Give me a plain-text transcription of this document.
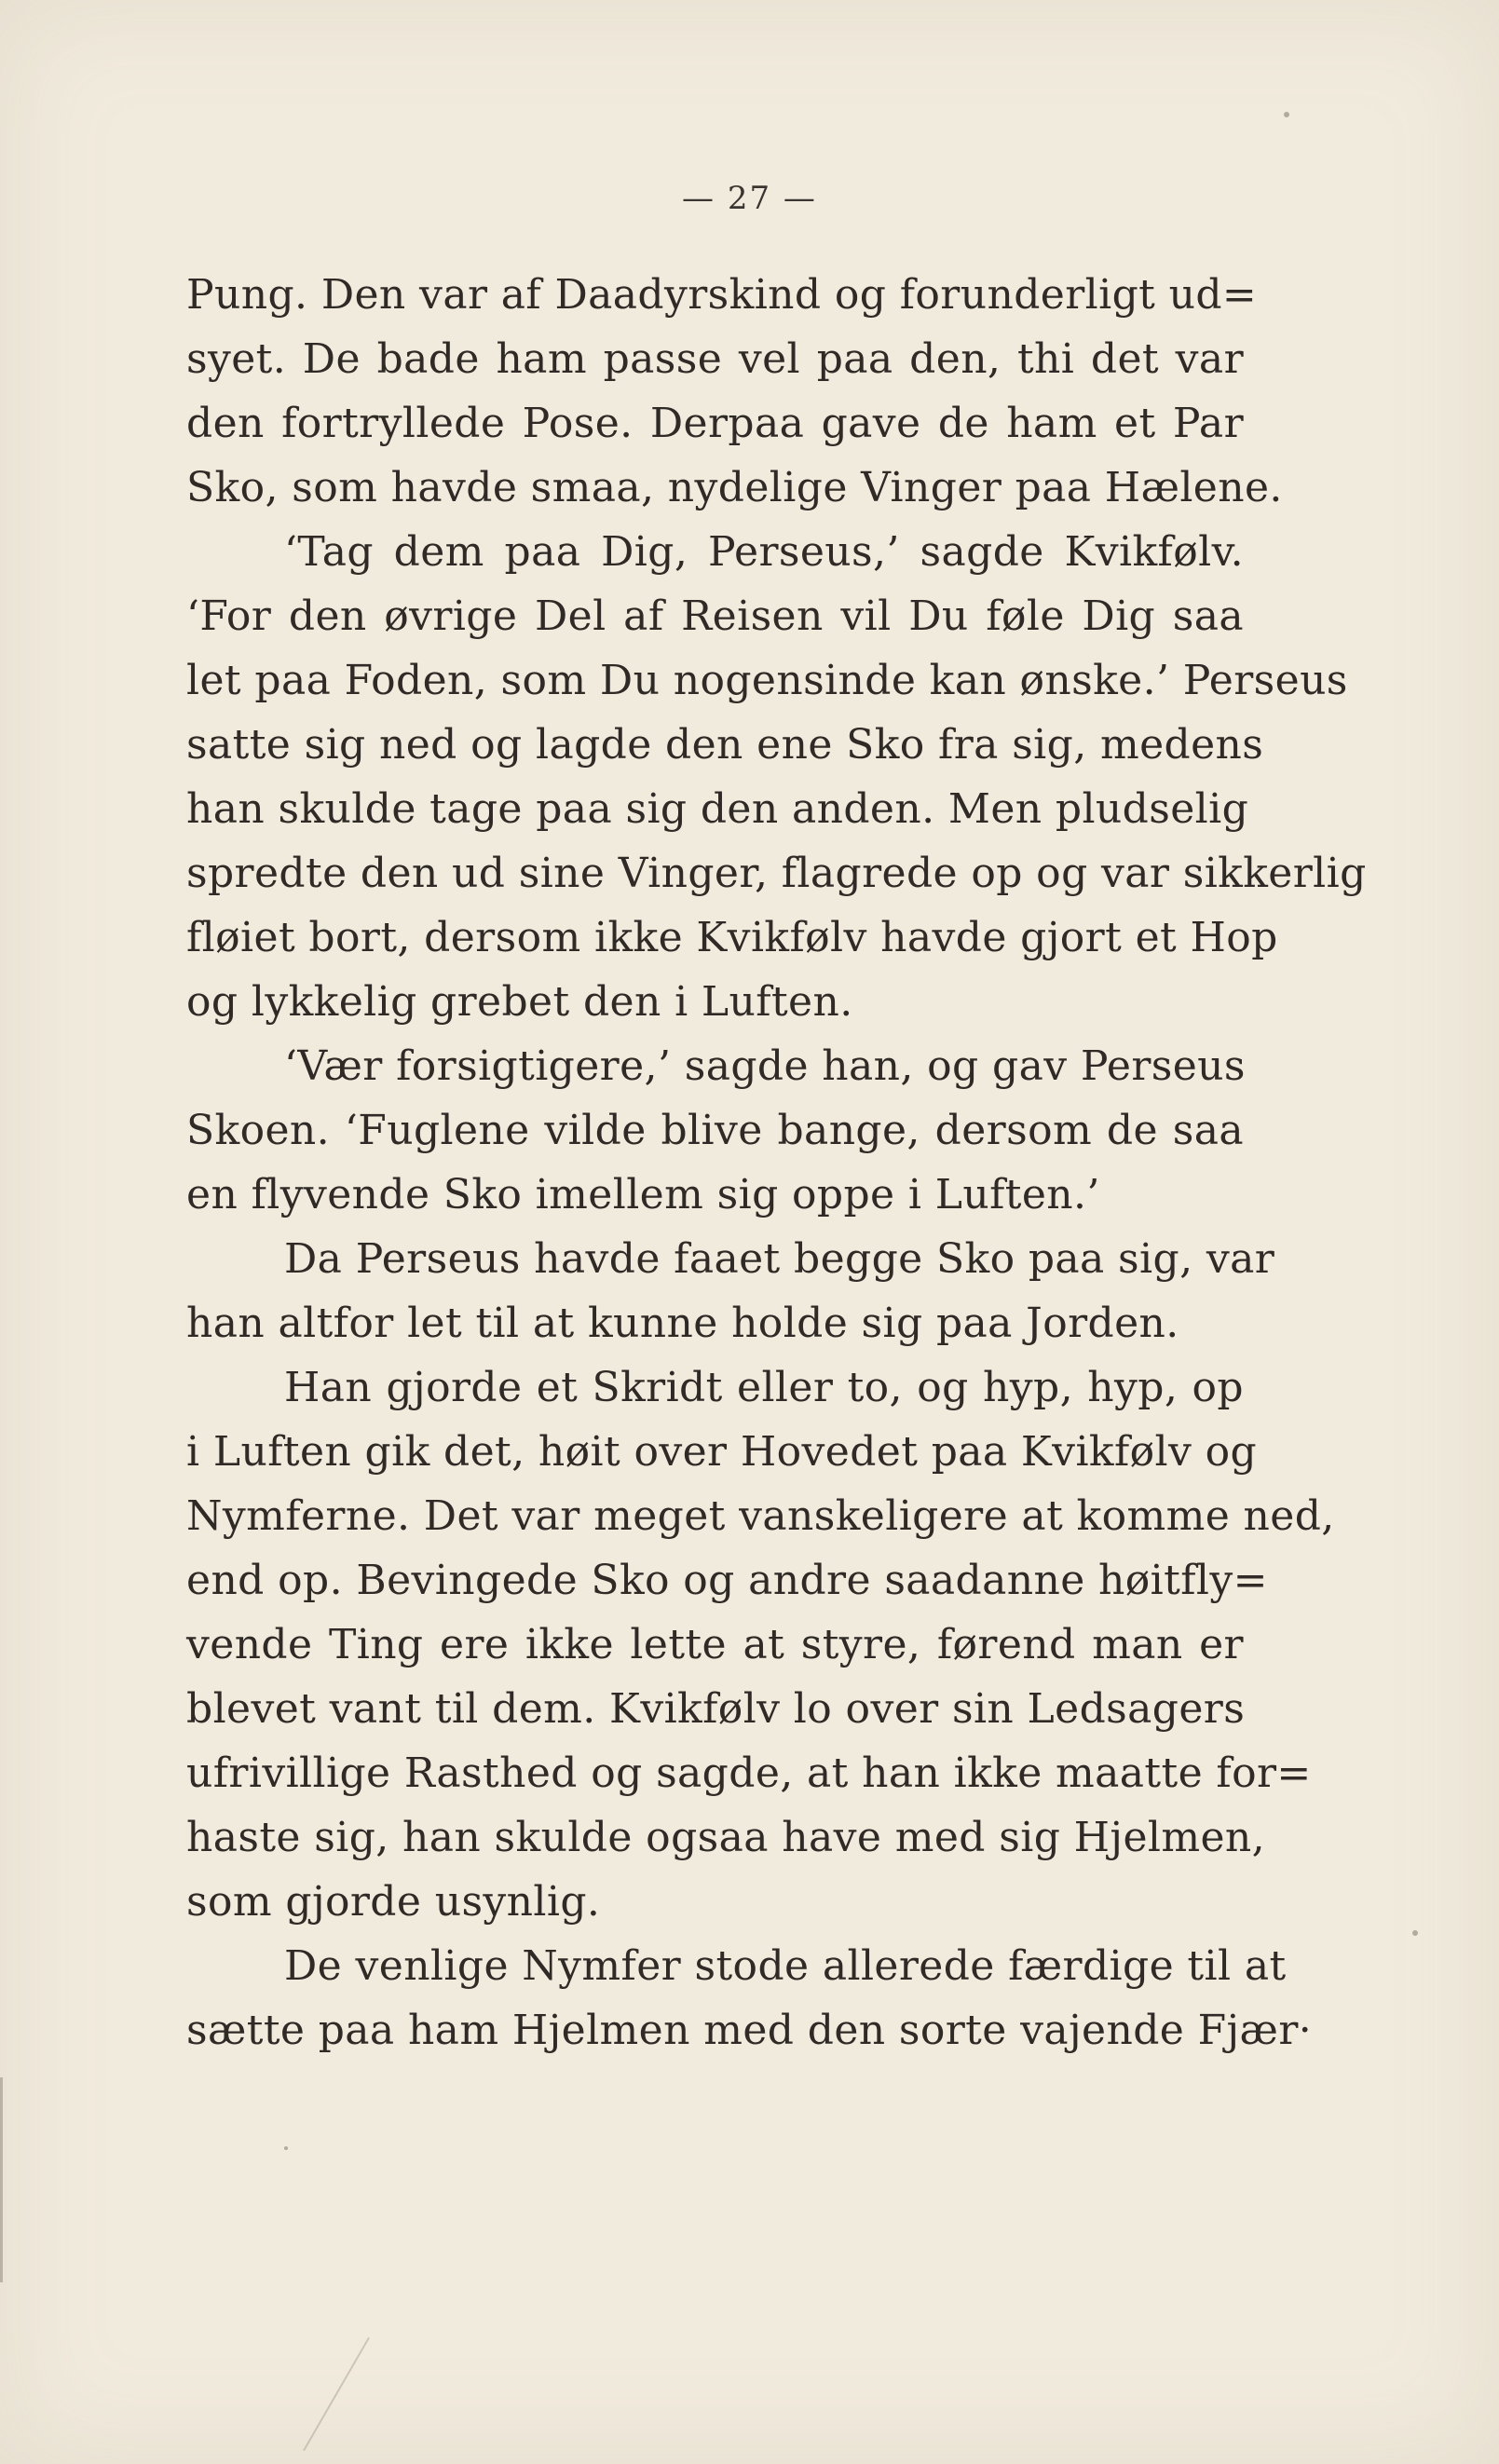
— 27 —
Pung. Den var af Daadyrskind og forunderligt ud=
syet. De bade ham passe vel paa den, thi det var
den fortryllede Pose. Derpaa gave de ham et Par
Sko, som havde smaa, nydelige Vinger paa Hælene.
‘Tag dem paa Dig, Perseus,’ sagde Kvikfølv.
‘For den øvrige Del af Reisen vil Du føle Dig saa
let paa Foden, som Du nogensinde kan ønske.’ Perseus
satte sig ned og lagde den ene Sko fra sig, medens
han skulde tage paa sig den anden. Men pludselig
spredte den ud sine Vinger, flagrede op og var sikkerlig
fløiet bort, dersom ikke Kvikfølv havde gjort et Hop
og lykkelig grebet den i Luften.
‘Vær forsigtigere,’ sagde han, og gav Perseus
Skoen. ‘Fuglene vilde blive bange, dersom de saa
en flyvende Sko imellem sig oppe i Luften.’
Da Perseus havde faaet begge Sko paa sig, var
han altfor let til at kunne holde sig paa Jorden.
Han gjorde et Skridt eller to, og hyp, hyp, op
i Luften gik det, høit over Hovedet paa Kvikfølv og
Nymferne. Det var meget vanskeligere at komme ned,
end op. Bevingede Sko og andre saadanne høitfly=
vende Ting ere ikke lette at styre, førend man er
blevet vant til dem. Kvikfølv lo over sin Ledsagers
ufrivillige Rasthed og sagde, at han ikke maatte for=
haste sig, han skulde ogsaa have med sig Hjelmen,
som gjorde usynlig.
De venlige Nymfer stode allerede færdige til at
sætte paa ham Hjelmen med den sorte vajende Fjær·
